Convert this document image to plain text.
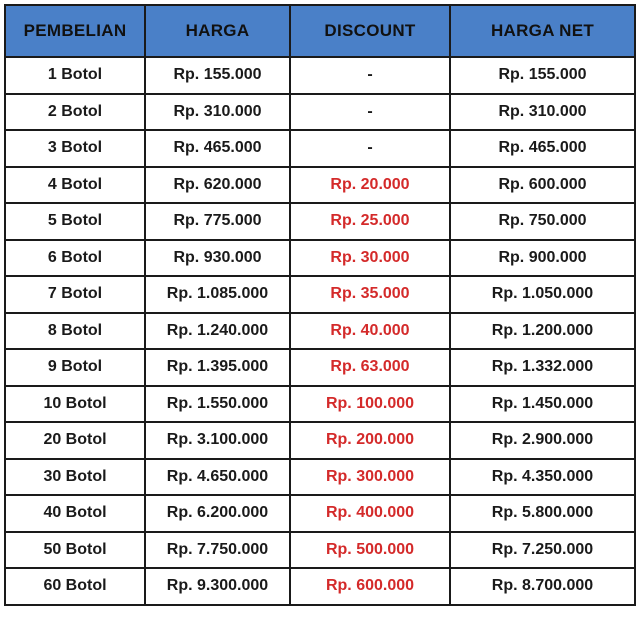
PEMBELIAN	HARGA	DISCOUNT	HARGA NET
1 Botol	Rp. 155.000	-	Rp. 155.000
2 Botol	Rp. 310.000	-	Rp. 310.000
3 Botol	Rp. 465.000	-	Rp. 465.000
4 Botol	Rp. 620.000	Rp. 20.000	Rp. 600.000
5 Botol	Rp. 775.000	Rp. 25.000	Rp. 750.000
6 Botol	Rp. 930.000	Rp. 30.000	Rp. 900.000
7 Botol	Rp. 1.085.000	Rp. 35.000	Rp. 1.050.000
8 Botol	Rp. 1.240.000	Rp. 40.000	Rp. 1.200.000
9 Botol	Rp. 1.395.000	Rp. 63.000	Rp. 1.332.000
10 Botol	Rp. 1.550.000	Rp. 100.000	Rp. 1.450.000
20 Botol	Rp. 3.100.000	Rp. 200.000	Rp. 2.900.000
30 Botol	Rp. 4.650.000	Rp. 300.000	Rp. 4.350.000
40 Botol	Rp. 6.200.000	Rp. 400.000	Rp. 5.800.000
50 Botol	Rp. 7.750.000	Rp. 500.000	Rp. 7.250.000
60 Botol	Rp. 9.300.000	Rp. 600.000	Rp. 8.700.000
